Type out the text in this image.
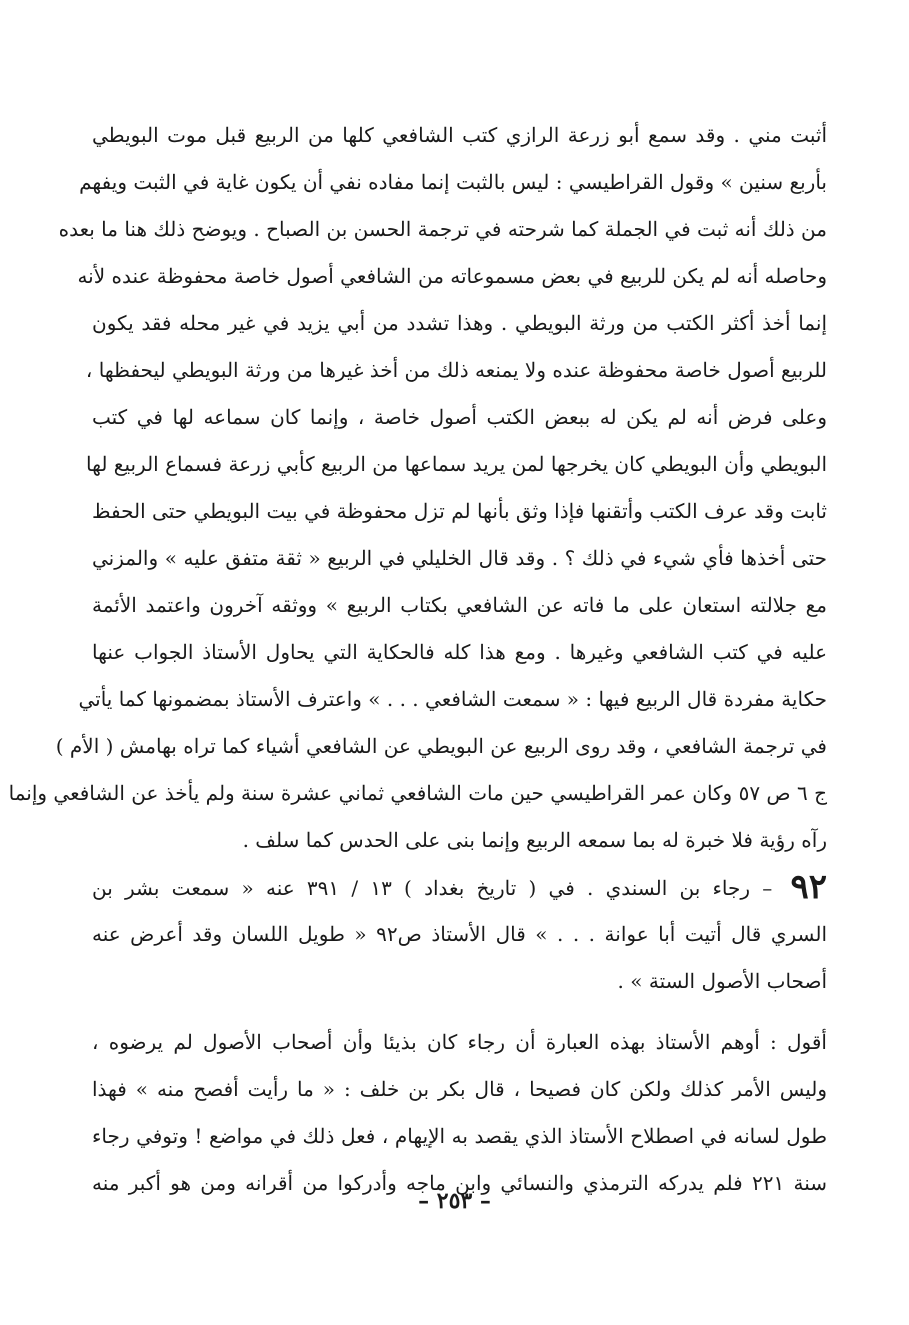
أثبت مني . وقد سمع أبو زرعة الرازي كتب الشافعي كلها من الربيع قبل موت البويطي
بأربع سنين » وقول القراطيسي : ليس بالثبت إنما مفاده نفي أن يكون غاية في الثبت ويفهم
من ذلك أنه ثبت في الجملة كما شرحته في ترجمة الحسن بن الصباح . ويوضح ذلك هنا ما بعده
وحاصله أنه لم يكن للربيع في بعض مسموعاته من الشافعي أصول خاصة محفوظة عنده لأنه
إنما أخذ أكثر الكتب من ورثة البويطي . وهذا تشدد من أبي يزيد في غير محله فقد يكون
للربيع أصول خاصة محفوظة عنده ولا يمنعه ذلك من أخذ غيرها من ورثة البويطي ليحفظها ،
وعلى فرض أنه لم يكن له ببعض الكتب أصول خاصة ، وإنما كان سماعه لها في كتب
البويطي وأن البويطي كان يخرجها لمن يريد سماعها من الربيع كأبي زرعة فسماع الربيع لها
ثابت وقد عرف الكتب وأتقنها فإذا وثق بأنها لم تزل محفوظة في بيت البويطي حتى الحفظ
حتى أخذها فأي شيء في ذلك ؟ . وقد قال الخليلي في الربيع « ثقة متفق عليه » والمزني
مع جلالته استعان على ما فاته عن الشافعي بكتاب الربيع » ووثقه آخرون واعتمد الأئمة
عليه في كتب الشافعي وغيرها . ومع هذا كله فالحكاية التي يحاول الأستاذ الجواب عنها
حكاية مفردة قال الربيع فيها : « سمعت الشافعي . . . » واعترف الأستاذ بمضمونها كما يأتي
في ترجمة الشافعي ، وقد روى الربيع عن البويطي عن الشافعي أشياء كما تراه بهامش ( الأم )
ج ٦ ص ٥٧ وكان عمر القراطيسي حين مات الشافعي ثماني عشرة سنة ولم يأخذ عن الشافعي وإنما
رآه رؤية فلا خبرة له بما سمعه الربيع وإنما بنى على الحدس كما سلف .
٩٢ – رجاء بن السندي . في ( تاريخ بغداد ) ١٣ / ٣٩١ عنه « سمعت بشر بن
السري قال أتيت أبا عوانة . . . » قال الأستاذ ص٩٢ « طويل اللسان وقد أعرض عنه
أصحاب الأصول الستة » .
أقول : أوهم الأستاذ بهذه العبارة أن رجاء كان بذيئا وأن أصحاب الأصول لم يرضوه ،
وليس الأمر كذلك ولكن كان فصيحا ، قال بكر بن خلف : « ما رأيت أفصح منه » فهذا
طول لسانه في اصطلاح الأستاذ الذي يقصد به الإيهام ، فعل ذلك في مواضع ! وتوفي رجاء
سنة ٢٢١ فلم يدركه الترمذي والنسائي وابن ماجه وأدركوا من أقرانه ومن هو أكبر منه
– ٢٥٣ –
